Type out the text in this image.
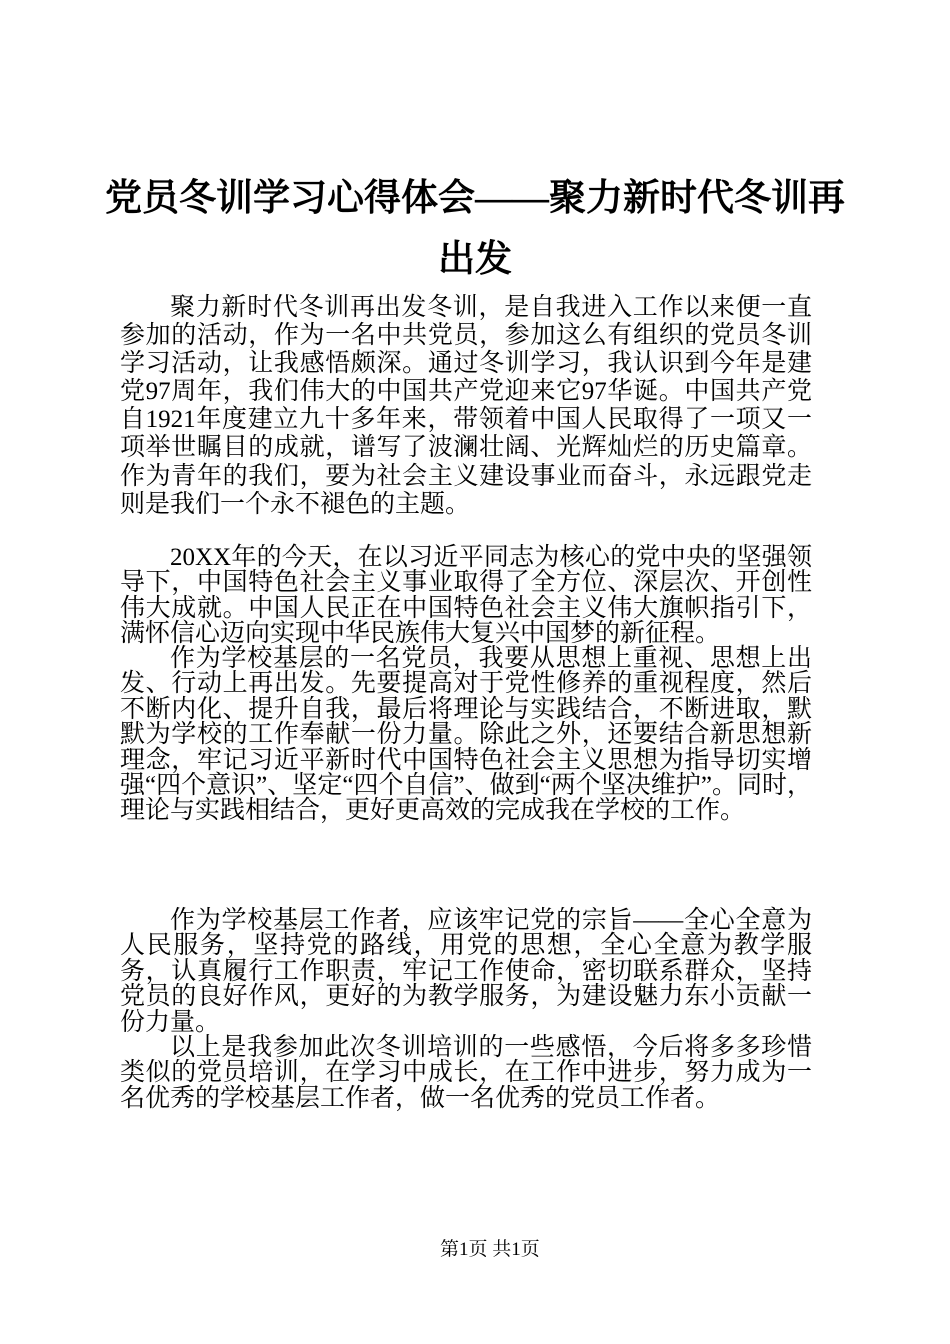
党员冬训学习心得体会——聚力新时代冬训再出发

聚力新时代冬训再出发冬训，是自我进入工作以来便一直参加的活动，作为一名中共党员，参加这么有组织的党员冬训学习活动，让我感悟颇深。通过冬训学习，我认识到今年是建党97周年，我们伟大的中国共产党迎来它97华诞。中国共产党自1921年度建立九十多年来，带领着中国人民取得了一项又一项举世瞩目的成就，谱写了波澜壮阔、光辉灿烂的历史篇章。作为青年的我们，要为社会主义建设事业而奋斗，永远跟党走则是我们一个永不褪色的主题。

20XX年的今天，在以习近平同志为核心的党中央的坚强领导下，中国特色社会主义事业取得了全方位、深层次、开创性伟大成就。中国人民正在中国特色社会主义伟大旗帜指引下，满怀信心迈向实现中华民族伟大复兴中国梦的新征程。

作为学校基层的一名党员，我要从思想上重视、思想上出发、行动上再出发。先要提高对于党性修养的重视程度，然后不断内化、提升自我，最后将理论与实践结合，不断进取，默默为学校的工作奉献一份力量。除此之外，还要结合新思想新理念，牢记习近平新时代中国特色社会主义思想为指导切实增强“四个意识”、坚定“四个自信”、做到“两个坚决维护”。同时，理论与实践相结合，更好更高效的完成我在学校的工作。

作为学校基层工作者，应该牢记党的宗旨——全心全意为人民服务，坚持党的路线，用党的思想，全心全意为教学服务，认真履行工作职责，牢记工作使命，密切联系群众，坚持党员的良好作风，更好的为教学服务，为建设魅力东小贡献一份力量。

以上是我参加此次冬训培训的一些感悟，今后将多多珍惜类似的党员培训，在学习中成长，在工作中进步，努力成为一名优秀的学校基层工作者，做一名优秀的党员工作者。

第1页 共1页
